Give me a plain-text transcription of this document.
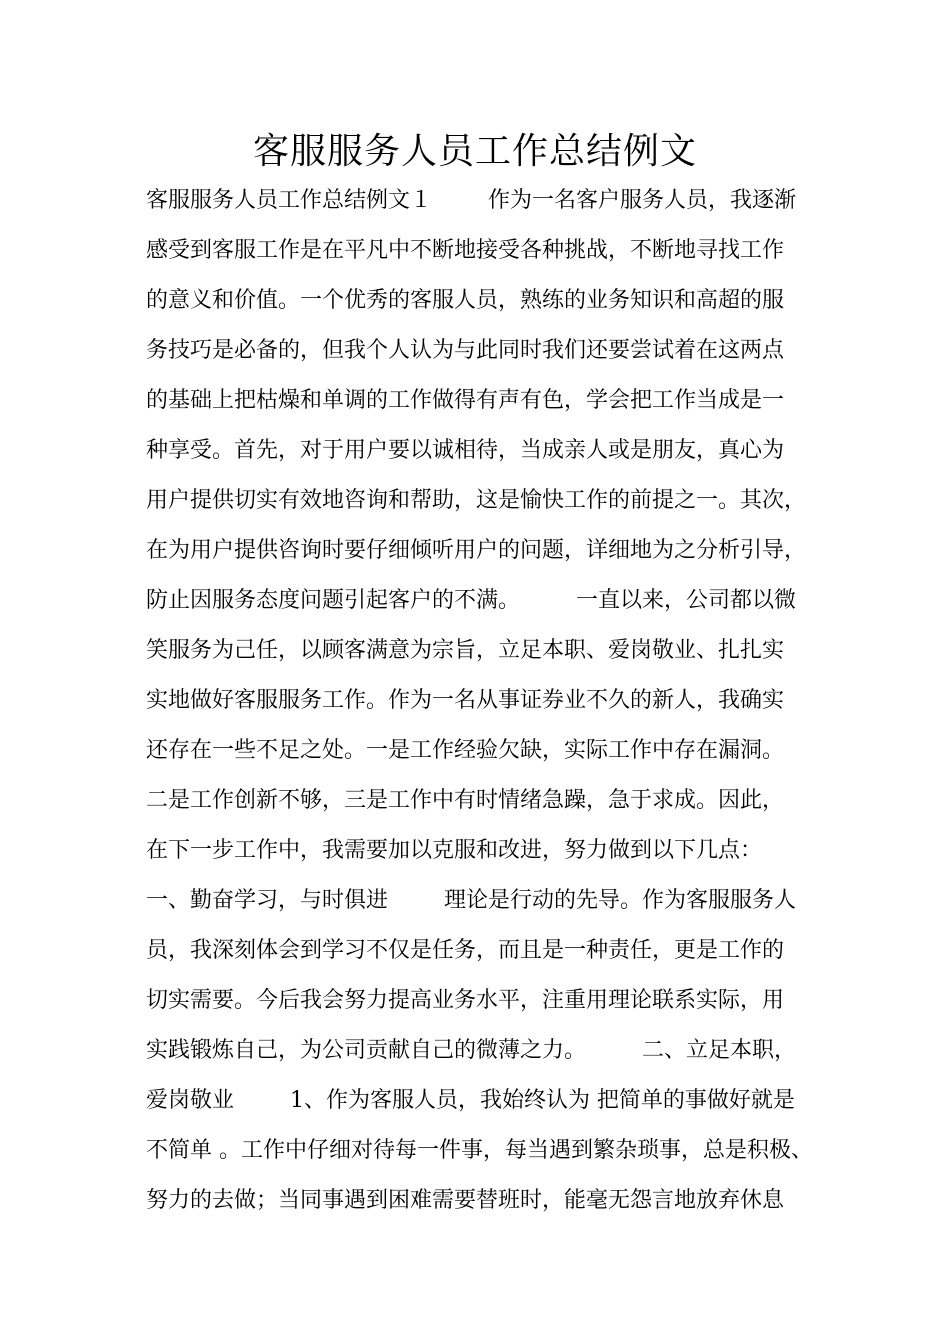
客服服务人员工作总结例文
客服服务人员工作总结例文１        作为一名客户服务人员，我逐渐
感受到客服工作是在平凡中不断地接受各种挑战，不断地寻找工作
的意义和价值。一个优秀的客服人员，熟练的业务知识和高超的服
务技巧是必备的，但我个人认为与此同时我们还要尝试着在这两点
的基础上把枯燥和单调的工作做得有声有色，学会把工作当成是一
种享受。首先，对于用户要以诚相待，当成亲人或是朋友，真心为
用户提供切实有效地咨询和帮助，这是愉快工作的前提之一。其次，
在为用户提供咨询时要仔细倾听用户的问题，详细地为之分析引导，
防止因服务态度问题引起客户的不满。        一直以来，公司都以微
笑服务为己任，以顾客满意为宗旨，立足本职、爱岗敬业、扎扎实
实地做好客服服务工作。作为一名从事证券业不久的新人，我确实
还存在一些不足之处。一是工作经验欠缺，实际工作中存在漏洞。
二是工作创新不够，三是工作中有时情绪急躁，急于求成。因此，
在下一步工作中，我需要加以克服和改进，努力做到以下几点：
一、勤奋学习，与时俱进        理论是行动的先导。作为客服服务人
员，我深刻体会到学习不仅是任务，而且是一种责任，更是工作的
切实需要。今后我会努力提高业务水平，注重用理论联系实际，用
实践锻炼自己，为公司贡献自己的微薄之力。        二、立足本职，
爱岗敬业        1、作为客服人员，我始终认为 把简单的事做好就是
不简单 。工作中仔细对待每一件事，每当遇到繁杂琐事，总是积极、
努力的去做；当同事遇到困难需要替班时，能毫无怨言地放弃休息
